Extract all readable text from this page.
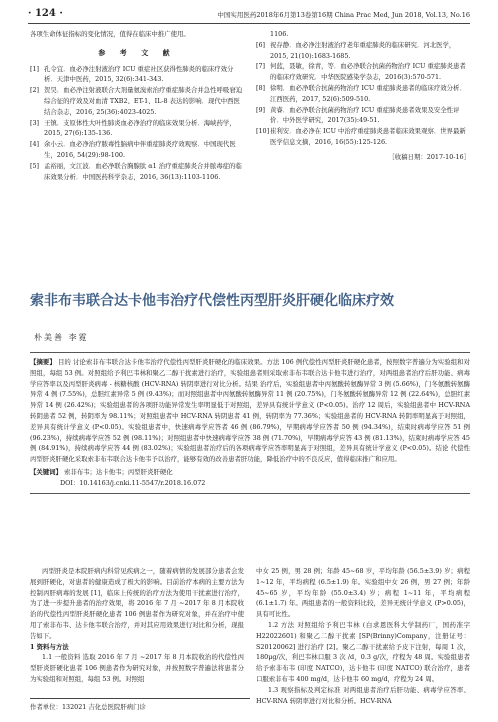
· 124 ·	中国实用医药2018年6月第13卷第16期 China Prac Med, Jun 2018, Vol.13, No.16

各项生命体征指标的变化情况，值得在临床中推广使用。

参 考 文 献
[1] 孔令宜．血必净注射液治疗 ICU 重症社区获得性肺炎的临床疗效分析．天津中医药，2015, 32(6):341-343.
[2] 贺昊．血必净注射液联合大剂量氨溴索治疗重症肺炎合并急性呼吸窘迫综合征的疗效及对血清 TXB2、ET-1、IL-8 表达的影响．现代中西医结合杂志，2016, 25(36):4023-4025.
[3] 王镇．支原体性大叶性肺炎血必净治疗的临床效果分析．海峡药学，2015, 27(6):135-136.
[4] 余小云．血必净治疗脓毒性脑病中伴重症肺炎疗效观察．中国现代医生，2016, 54(29):98-100.
[5] 孟裕丽，文江波．血必净联合胸腺肽 α1 治疗重症肺炎合并脓毒症的临床效果分析．中国医药科学杂志，2016, 36(13):1103-1106.

1106.

[6] 祝存静．血必净注射液治疗老年重症肺炎的临床研究．河北医学，2015, 21(10):1683-1685.
[7] 何蓝，聂敏，徐青，等．血必净联合抗菌药物治疗 ICU 重症肺炎患者的临床疗效研究．中华医院感染学杂志，2016(3):570-571.
[8] 徐明．血必净联合抗菌药物治疗 ICU 重症肺炎患者的临床疗效分析．江西医药，2017, 52(6):509-510.
[9] 黄睿．血必净联合抗菌药物治疗 ICU 重症肺炎患者效果及安全性评价．中外医学研究，2017(35):49-51.
[10] 崔利安．血必净在 ICU 中治疗重症肺炎患者临床效果观察．世界最新医学信息文摘，2016, 16(55):125-126.
［收稿日期：2017-10-16］
索非布韦联合达卡他韦治疗代偿性丙型肝炎肝硬化临床疗效
朴美善 李霓
【摘要】 目的 讨论索非布韦联合达卡他韦治疗代偿性丙型肝炎肝硬化的临床效果。方法 106 例代偿性丙型肝炎肝硬化患者，按照数字普遍分为实验组和对照组，每组 53 例。对照组给予利巴韦林和聚乙二醇干扰素进行治疗，实验组患者则采取索非布韦联合达卡他韦进行治疗，对两组患者治疗后肝功能、病毒学应答率以及丙型肝炎病毒 - 核糖核酸 (HCV-RNA) 转阴率进行对比分析。结果 治疗后，实验组患者中丙氨酸转氨酶异常 3 例 (5.66%)，门冬氨酸转氨酶异常 4 例 (7.55%)，总胆红素异常 5 例 (9.43%)；而对照组患者中丙氨酸转氨酶异常 11 例 (20.75%)，门冬氨酸转氨酶异常 12 例 (22.64%)，总胆红素异常 14 例 (26.42%)；实验组患者的各项肝功能异常发生率明显低于对照组，差异具有统计学意义 (P<0.05)。治疗 12 周后，实验组患者中 HCV-RNA 转阴患者 52 例，转阴率为 98.11%；对照组患者中 HCV-RNA 转阴患者 41 例，转阴率为 77.36%；实验组患者的 HCV-RNA 转阴率明显高于对照组，差异具有统计学意义 (P<0.05)。实验组患者中，快速病毒学应答者 46 例 (86.79%)，早期病毒学应答者 50 例 (94.34%)，结束时病毒学应答 51 例 (96.23%)，持续病毒学应答 52 例 (98.11%)；对照组患者中快速病毒学应答 38 例 (71.70%)，早期病毒学应答 43 例 (81.13%)，结束时病毒学应答 45 例 (84.91%)，持续病毒学应答 44 例 (83.02%)；实验组患者治疗后的各项病毒学应答率明显高于对照组，差异具有统计学意义 (P<0.05)。结论 代偿性丙型肝炎肝硬化采取索非布韦联合达卡他韦予以治疗，能够有效的改善患者肝功能，降低治疗中的不良反应，值得临床推广和应用。
【关键词】 索非布韦；达卡他韦；丙型肝炎肝硬化
DOI：10.14163/j.cnki.11-5547/r.2018.16.072

丙型肝炎是本院肝病内科常见疾病之一，随着病情的发展部分患者会发展到肝硬化，对患者的健康造成了极大的影响。目前治疗本病的主要方法为控制丙肝病毒的发展 [1]，临床上传统的治疗方法为使用干扰素进行治疗，为了进一步提升患者的治疗效果，将 2016 年 7 月 ~2017 年 8 月本院收治的代偿性丙型肝炎肝硬化患者 106 例患者作为研究对象，并在治疗中使用了索非布韦、达卡他韦联合治疗，并对其应用效果进行对比和分析，现报告如下。

1 资料与方法

1.1 一般资料 选取 2016 年 7 月 ~2017 年 8 月本院收治的代偿性丙型肝炎肝硬化患者 106 例患者作为研究对象，并按照数字普遍法将患者分为实验组和对照组，每组 53 例。对照组

中女 25 例，男 28 例；年龄 45~68 岁，平均年龄 (56.5±3.9) 岁；病程 1~12 年，平均病程 (6.5±1.9) 年。实验组中女 26 例，男 27 例；年龄 45~65 岁，平均年龄 (55.0±3.4) 岁；病程 1~11 年，平均病程 (6.1±1.7) 年。两组患者的一般资料比较，差异无统计学意义 (P>0.05)，具有可比性。

1.2 方法 对照组给予利巴韦林 (白求恩医科大学制药厂，国药准字 H22022601) 和聚乙二醇干扰素 [SP(Brinny)Company，注册证号：S20120062] 进行治疗 [2]。聚乙二醇干扰素给予皮下注射，每周 1 次，180μg/次，利巴韦林口服 3 次 /d，0.3 g/次，疗程为 48 周。实验组患者给予索非布韦 (印度 NATCO)，达卡他韦 (印度 NATCO) 联合治疗，患者口服索非布韦 400 mg/d，达卡他韦 60 mg/d，疗程为 24 周。

1.3 观察指标及判定标准 对两组患者治疗后肝功能、病毒学应答率、HCV-RNA 转阴率进行对比和分析。HCV-RNA

作者单位：132021 吉化总医院肝病门诊
